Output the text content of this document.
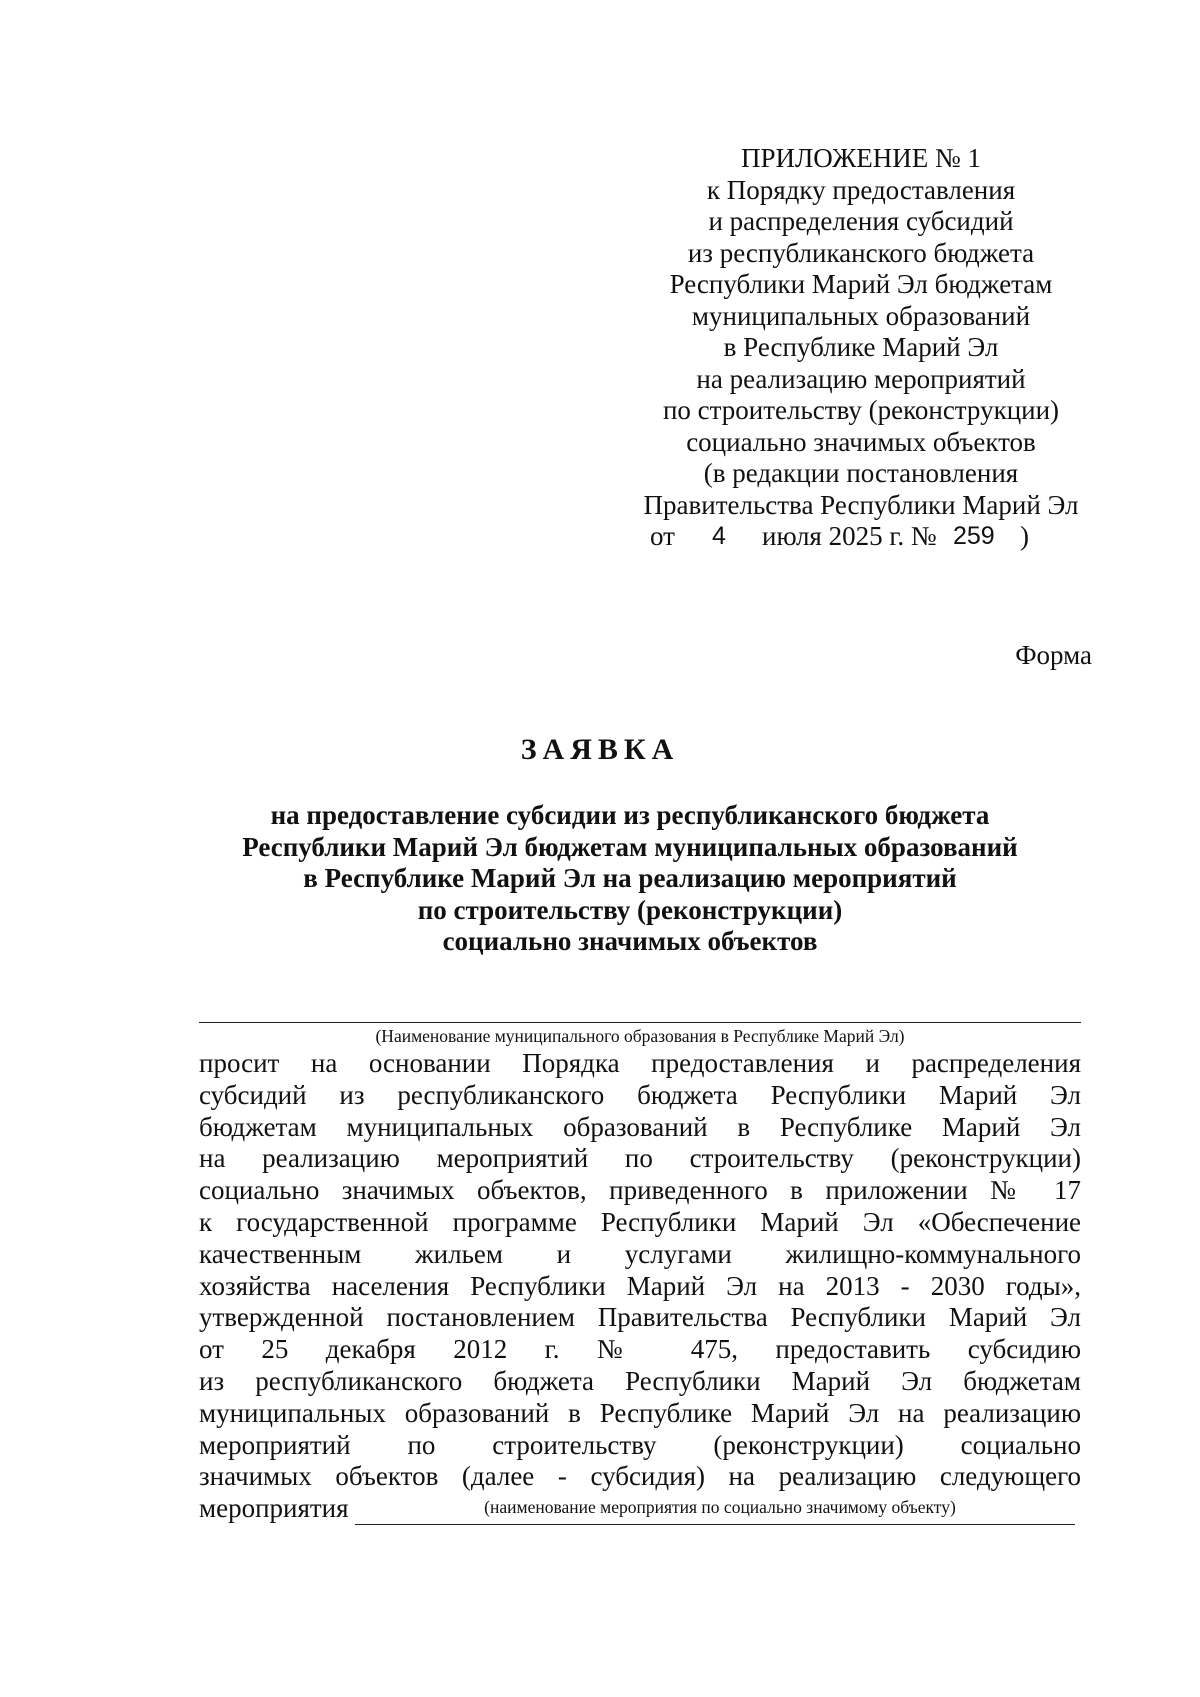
ПРИЛОЖЕНИЕ № 1
к Порядку предоставления
и распределения субсидий
из республиканского бюджета
Республики Марий Эл бюджетам
муниципальных образований
в Республике Марий Эл
на реализацию мероприятий
по строительству (реконструкции)
социально значимых объектов
(в редакции постановления
Правительства Республики Марий Эл
от 4 июля 2025 г. № 259 )
Форма
ЗАЯВКА
на предоставление субсидии из республиканского бюджета
Республики Марий Эл бюджетам муниципальных образований
в Республике Марий Эл на реализацию мероприятий
по строительству (реконструкции)
социально значимых объектов
(Наименование муниципального образования в Республике Марий Эл)
просит на основании Порядка предоставления и распределения
субсидий из республиканского бюджета Республики Марий Эл
бюджетам муниципальных образований в Республике Марий Эл
на реализацию мероприятий по строительству (реконструкции)
социально значимых объектов, приведенного в приложении № 17
к государственной программе Республики Марий Эл «Обеспечение
качественным жильем и услугами жилищно-коммунального
хозяйства населения Республики Марий Эл на 2013 - 2030 годы»,
утвержденной постановлением Правительства Республики Марий Эл
от 25 декабря 2012 г. № 475, предоставить субсидию
из республиканского бюджета Республики Марий Эл бюджетам
муниципальных образований в Республике Марий Эл на реализацию
мероприятий по строительству (реконструкции) социально
значимых объектов (далее - субсидия) на реализацию следующего
мероприятия	(наименование мероприятия по социально значимому объекту)
